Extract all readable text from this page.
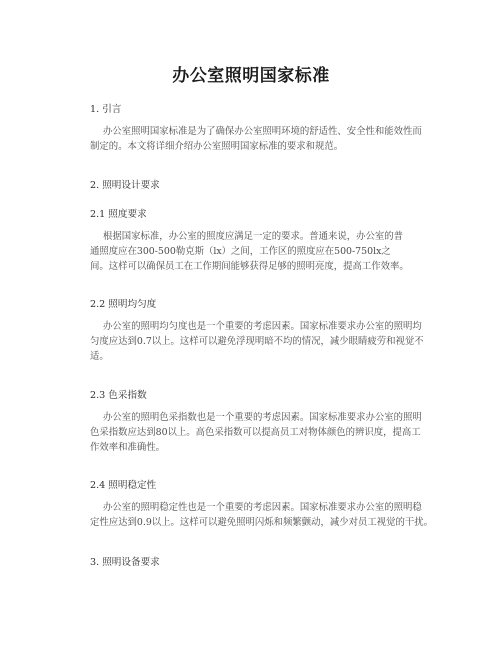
办公室照明国家标准
1. 引言
办公室照明国家标准是为了确保办公室照明环境的舒适性、安全性和能效性而
制定的。本文将详细介绍办公室照明国家标准的要求和规范。
2. 照明设计要求
2.1 照度要求
根据国家标准，办公室的照度应满足一定的要求。普通来说，办公室的普
通照度应在300-500勒克斯（lx）之间，工作区的照度应在500-750lx之
间。这样可以确保员工在工作期间能够获得足够的照明亮度，提高工作效率。
2.2 照明均匀度
办公室的照明均匀度也是一个重要的考虑因素。国家标准要求办公室的照明均
匀度应达到0.7以上。这样可以避免浮现明暗不均的情况，减少眼睛疲劳和视觉不
适。
2.3 色采指数
办公室的照明色采指数也是一个重要的考虑因素。国家标准要求办公室的照明
色采指数应达到80以上。高色采指数可以提高员工对物体颜色的辨识度，提高工
作效率和准确性。
2.4 照明稳定性
办公室的照明稳定性也是一个重要的考虑因素。国家标准要求办公室的照明稳
定性应达到0.9以上。这样可以避免照明闪烁和频繁颤动，减少对员工视觉的干扰。
3. 照明设备要求
